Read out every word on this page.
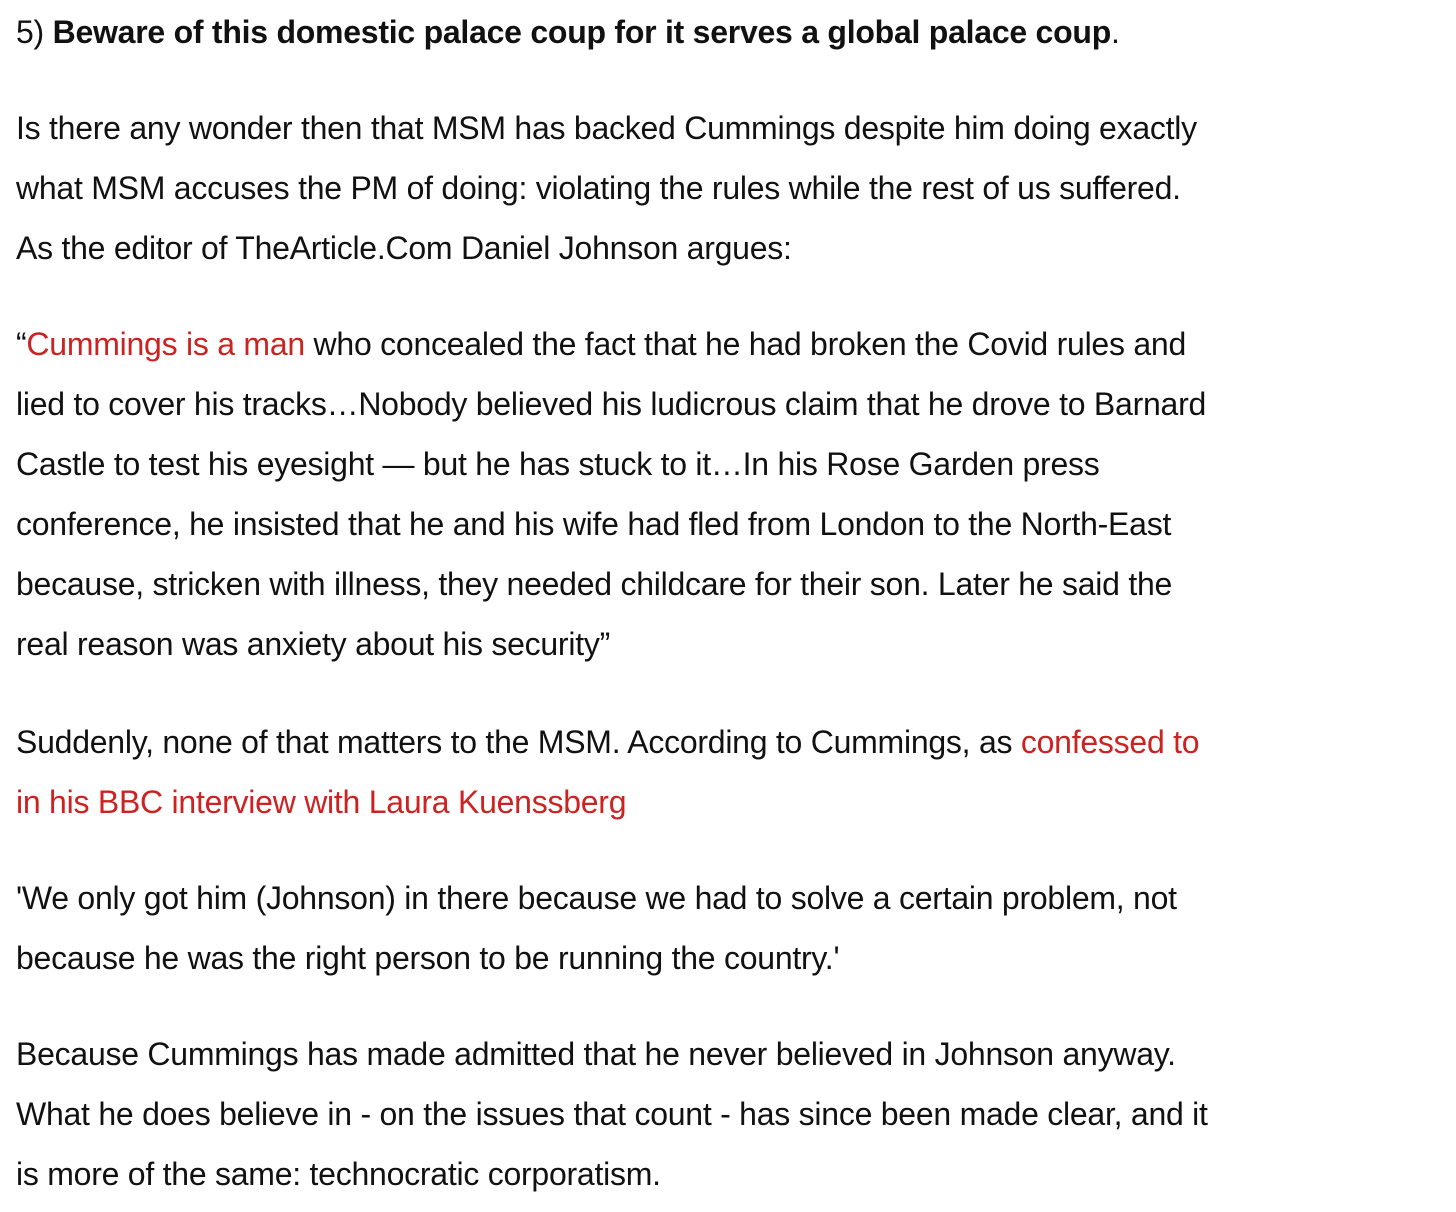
5) Beware of this domestic palace coup for it serves a global palace coup.

Is there any wonder then that MSM has backed Cummings despite him doing exactly
what MSM accuses the PM of doing: violating the rules while the rest of us suffered.
As the editor of TheArticle.Com Daniel Johnson argues:

“Cummings is a man who concealed the fact that he had broken the Covid rules and
lied to cover his tracks…Nobody believed his ludicrous claim that he drove to Barnard
Castle to test his eyesight — but he has stuck to it…In his Rose Garden press
conference, he insisted that he and his wife had fled from London to the North-East
because, stricken with illness, they needed childcare for their son. Later he said the
real reason was anxiety about his security”

Suddenly, none of that matters to the MSM. According to Cummings, as confessed to
in his BBC interview with Laura Kuenssberg

'We only got him (Johnson) in there because we had to solve a certain problem, not
because he was the right person to be running the country.'

Because Cummings has made admitted that he never believed in Johnson anyway.
What he does believe in - on the issues that count - has since been made clear, and it
is more of the same: technocratic corporatism.
